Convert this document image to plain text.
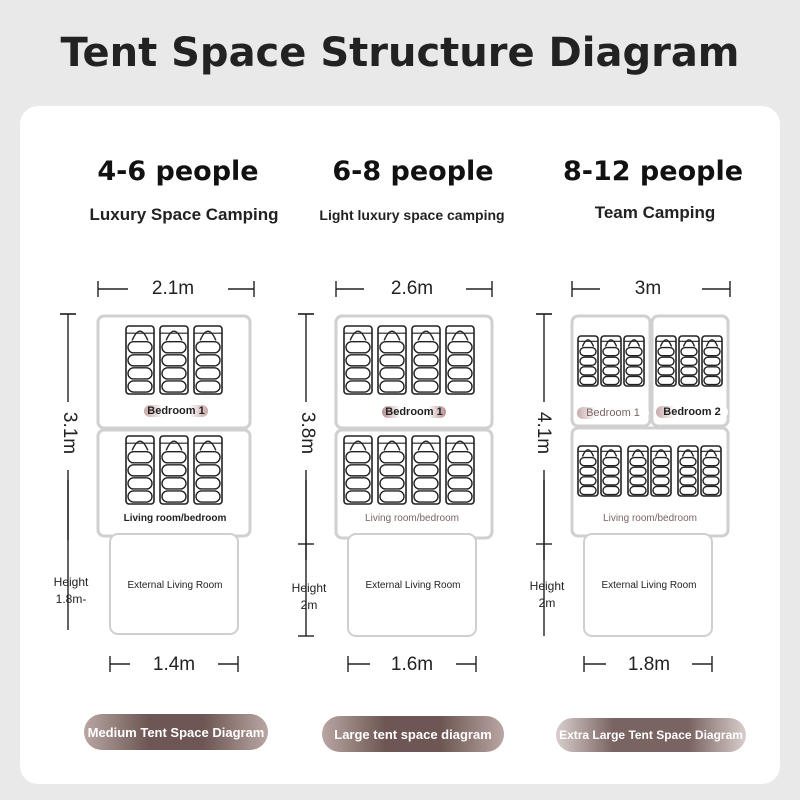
Tent Space Structure Diagram
4-6 people
Luxury Space Camping
6-8 people
Light luxury space camping
8-12 people
Team Camping
2.1m
3.1m
Height
1.8m-
1.4m
2.6m
3.8m
Height
2m
1.6m
3m
4.1m
Height
2m
1.8m
Bedroom 1
Living room/bedroom
External Living Room
Bedroom 1
Living room/bedroom
External Living Room
Bedroom 1	Bedroom 2
Living room/bedroom
External Living Room
Medium Tent Space Diagram	Large tent space diagram	Extra Large Tent Space Diagram
